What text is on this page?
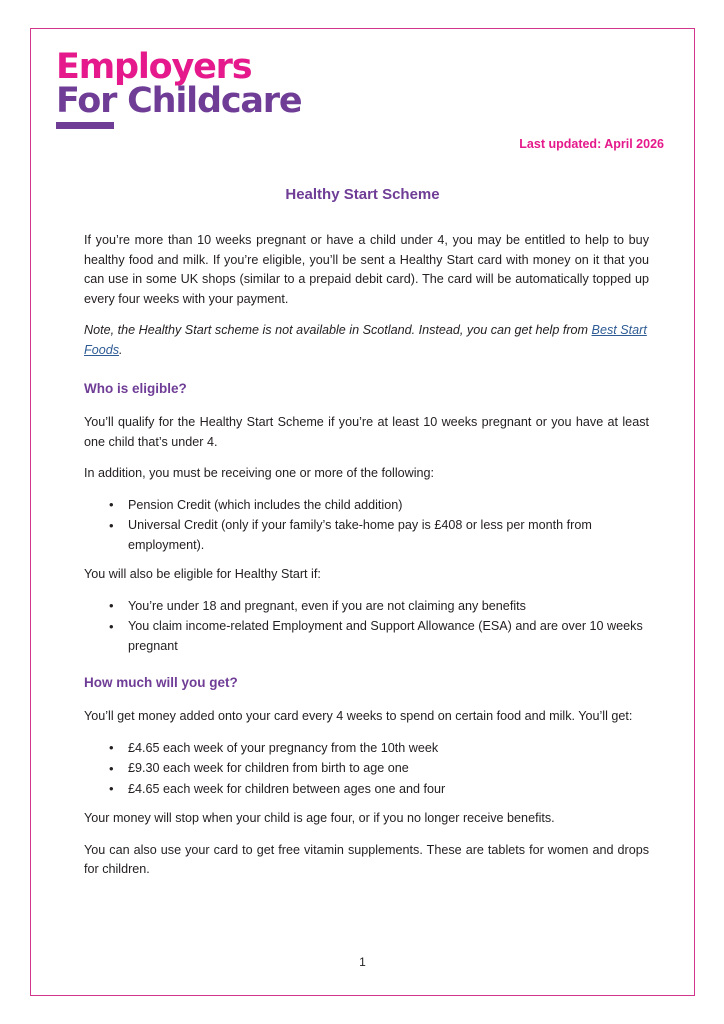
Employers
For Childcare
Last updated: April 2026
Healthy Start Scheme

If you’re more than 10 weeks pregnant or have a child under 4, you may be entitled to help to buy healthy food and milk. If you’re eligible, you’ll be sent a Healthy Start card with money on it that you can use in some UK shops (similar to a prepaid debit card). The card will be automatically topped up every four weeks with your payment.

Note, the Healthy Start scheme is not available in Scotland. Instead, you can get help from Best Start Foods.

Who is eligible?

You’ll qualify for the Healthy Start Scheme if you’re at least 10 weeks pregnant or you have at least one child that’s under 4.

In addition, you must be receiving one or more of the following:

• Pension Credit (which includes the child addition)
• Universal Credit (only if your family’s take-home pay is £408 or less per month from employment).

You will also be eligible for Healthy Start if:

• You’re under 18 and pregnant, even if you are not claiming any benefits
• You claim income-related Employment and Support Allowance (ESA) and are over 10 weeks pregnant
How much will you get?

You’ll get money added onto your card every 4 weeks to spend on certain food and milk. You’ll get:

• £4.65 each week of your pregnancy from the 10th week
• £9.30 each week for children from birth to age one
• £4.65 each week for children between ages one and four

Your money will stop when your child is age four, or if you no longer receive benefits.

You can also use your card to get free vitamin supplements. These are tablets for women and drops for children.

1
